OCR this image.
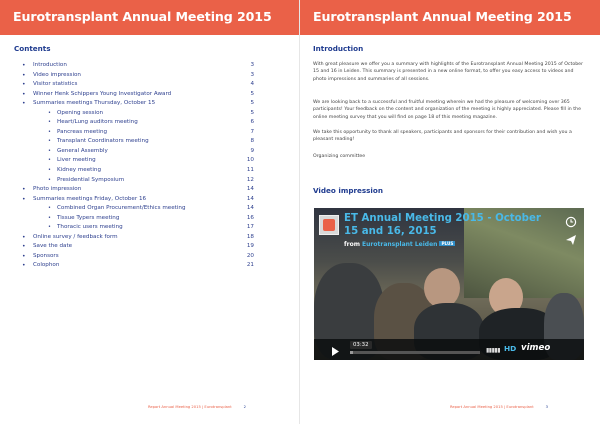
Eurotransplant Annual Meeting 2015
Contents
• Introduction	3
• Video impression	3
• Visitor statistics	4
• Winner Henk Schippers Young Investigator Award	5
• Summaries meetings Thursday, October 15	5
• Opening session	5
• Heart/Lung auditors meeting	6
• Pancreas meeting	7
• Transplant Coordinators meeting	8
• General Assembly	9
• Liver meeting	10
• Kidney meeting	11
• Presidential Symposium	12
• Photo impression	14
• Summaries meetings Friday, October 16	14
• Combined Organ Procurement/Ethics meeting	14
• Tissue Typers meeting	16
• Thoracic users meeting	17
• Online survey / feedback form	18
• Save the date	19
• Sponsors	20
• Colophon	21
Report Annual Meeting 2015 | Eurotransplant	2
Eurotransplant Annual Meeting 2015
Introduction
With great pleasure we offer you a summary with highlights of the Eurotransplant Annual Meeting 2015 of October 15 and 16 in Leiden. This summary is presented in a new online format, to offer you easy access to videos and photo impressions and summaries of all sessions.
We are looking back to a successful and fruitful meeting wherein we had the pleasure of welcoming over 365 participants! Your feedback on the content and organization of the meeting is highly appreciated. Please fill in the online meeting survey that you will find on page 18 of this meeting magazine.
We take this opportunity to thank all speakers, participants and sponsors for their contribution and wish you a pleasant reading!
Organizing committee
Video impression
ET Annual Meeting 2015 - October 15 and 16, 2015
from Eurotransplant Leiden PLUS
03:32
▮▮▮▮▮ HD vimeo
Report Annual Meeting 2015 | Eurotransplant	3
